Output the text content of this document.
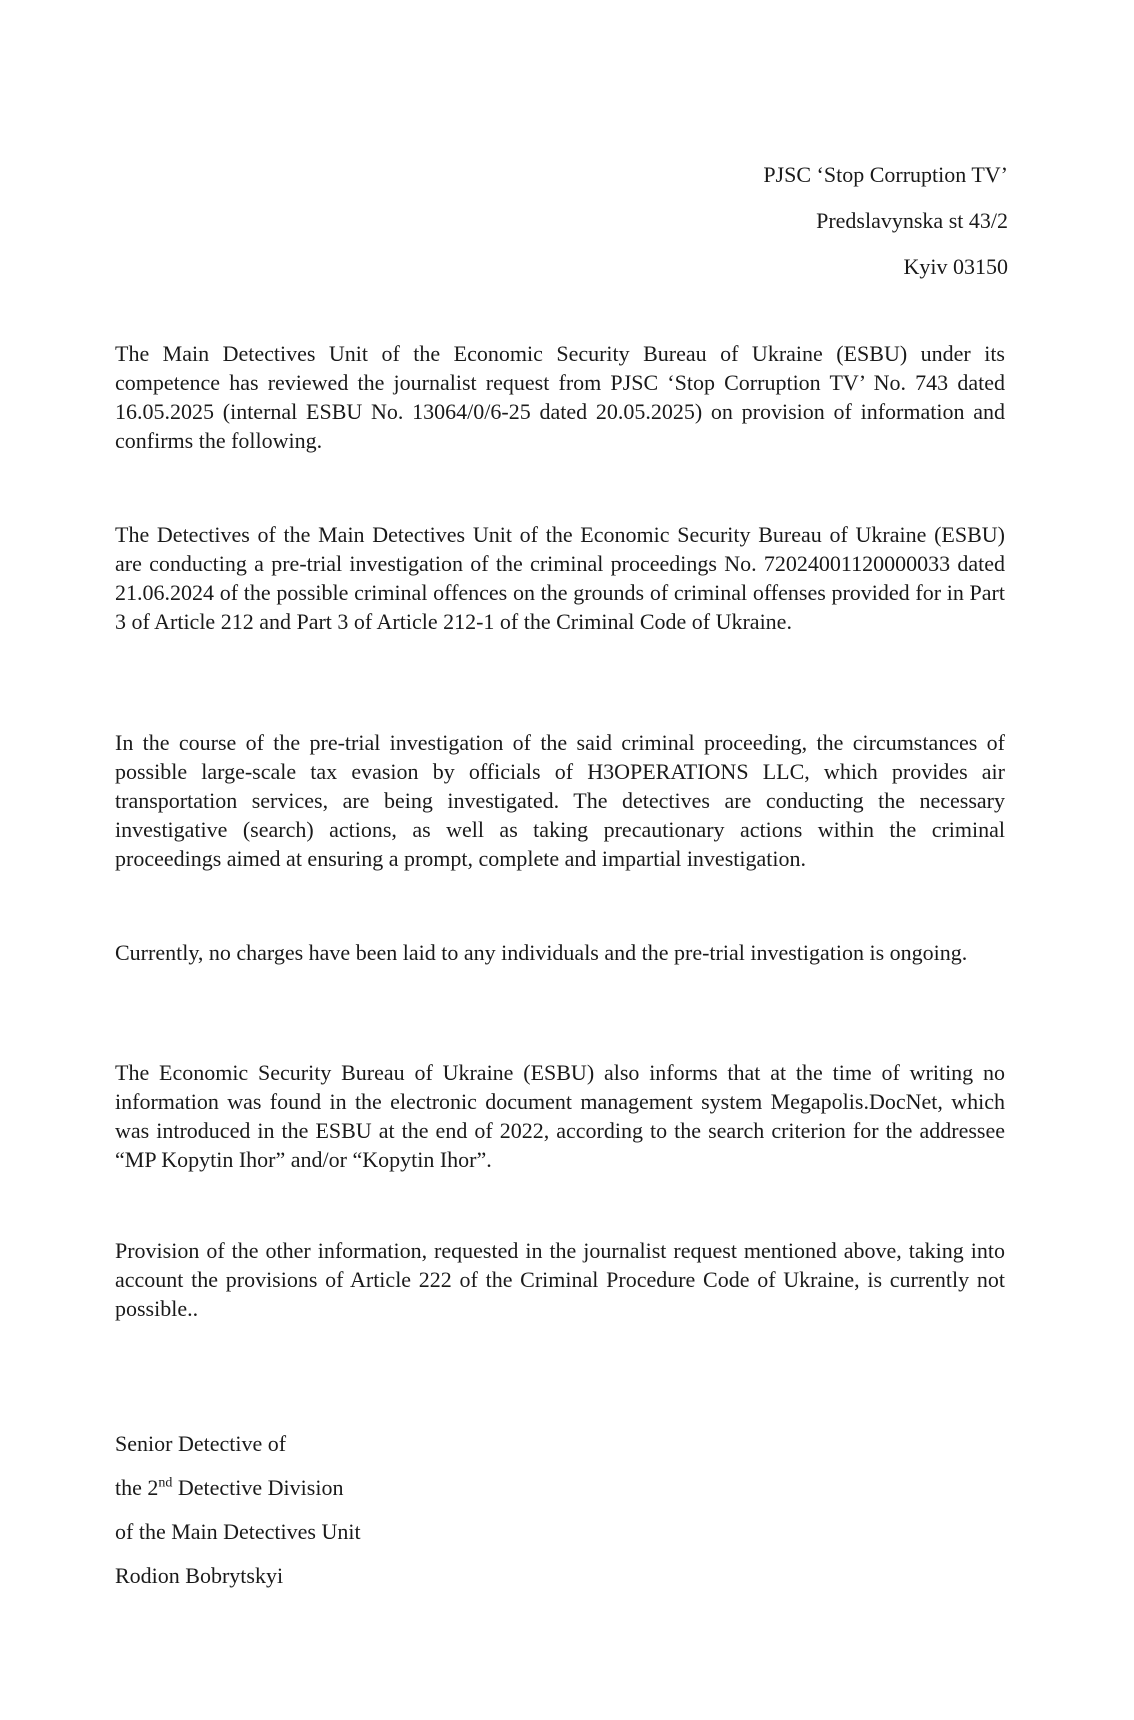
PJSC ‘Stop Corruption TV’
Predslavynska st 43/2
Kyiv 03150

The Main Detectives Unit of the Economic Security Bureau of Ukraine (ESBU) under its competence has reviewed the journalist request from PJSC ‘Stop Corruption TV’ No. 743 dated 16.05.2025 (internal ESBU No. 13064/0/6-25 dated 20.05.2025) on provision of information and confirms the following.

The Detectives of the Main Detectives Unit of the Economic Security Bureau of Ukraine (ESBU) are conducting a pre-trial investigation of the criminal proceedings No. 72024001120000033 dated 21.06.2024 of the possible criminal offences on the grounds of criminal offenses provided for in Part 3 of Article 212 and Part 3 of Article 212-1 of the Criminal Code of Ukraine.

In the course of the pre-trial investigation of the said criminal proceeding, the circumstances of possible large-scale tax evasion by officials of H3OPERATIONS LLC, which provides air transportation services, are being investigated. The detectives are conducting the necessary investigative (search) actions, as well as taking precautionary actions within the criminal proceedings aimed at ensuring a prompt, complete and impartial investigation.

Currently, no charges have been laid to any individuals and the pre-trial investigation is ongoing.

The Economic Security Bureau of Ukraine (ESBU) also informs that at the time of writing no information was found in the electronic document management system Megapolis.DocNet, which was introduced in the ESBU at the end of 2022, according to the search criterion for the addressee “MP Kopytin Ihor” and/or “Kopytin Ihor”.

Provision of the other information, requested in the journalist request mentioned above, taking into account the provisions of Article 222 of the Criminal Procedure Code of Ukraine, is currently not possible..

Senior Detective of
the 2nd Detective Division
of the Main Detectives Unit
Rodion Bobrytskyi
